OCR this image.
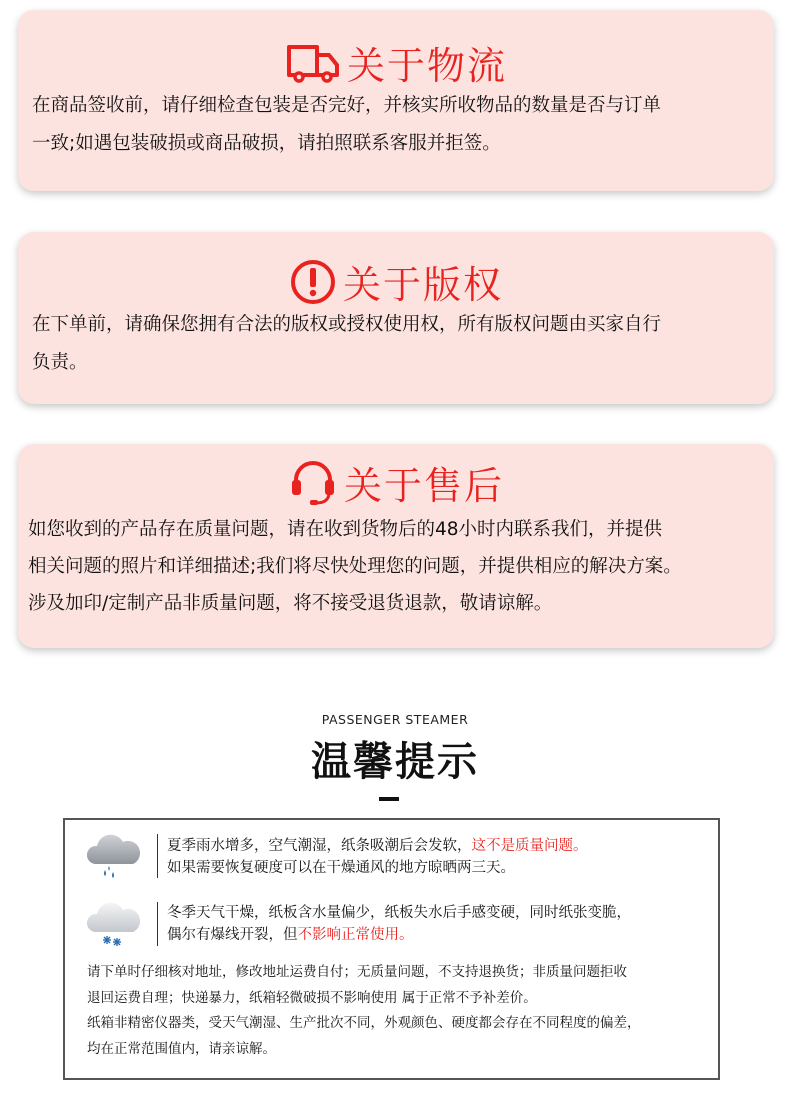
关于物流
在商品签收前，请仔细检查包装是否完好，并核实所收物品的数量是否与订单
一致;如遇包装破损或商品破损，请拍照联系客服并拒签。
关于版权
在下单前，请确保您拥有合法的版权或授权使用权，所有版权问题由买家自行
负责。
关于售后
如您收到的产品存在质量问题，请在收到货物后的48小时内联系我们，并提供
相关问题的照片和详细描述;我们将尽快处理您的问题，并提供相应的解决方案。
涉及加印/定制产品非质量问题，将不接受退货退款，敬请谅解。
PASSENGER STEAMER
温馨提示
夏季雨水增多，空气潮湿，纸条吸潮后会发软，这不是质量问题。
如果需要恢复硬度可以在干燥通风的地方晾晒两三天。
冬季天气干燥，纸板含水量偏少，纸板失水后手感变硬，同时纸张变脆，
偶尔有爆线开裂，但不影响正常使用。
请下单时仔细核对地址，修改地址运费自付；无质量问题，不支持退换货；非质量问题拒收
退回运费自理；快递暴力，纸箱轻微破损不影响使用 属于正常不予补差价。
纸箱非精密仪器类，受天气潮湿、生产批次不同，外观颜色、硬度都会存在不同程度的偏差，
均在正常范围值内，请亲谅解。
